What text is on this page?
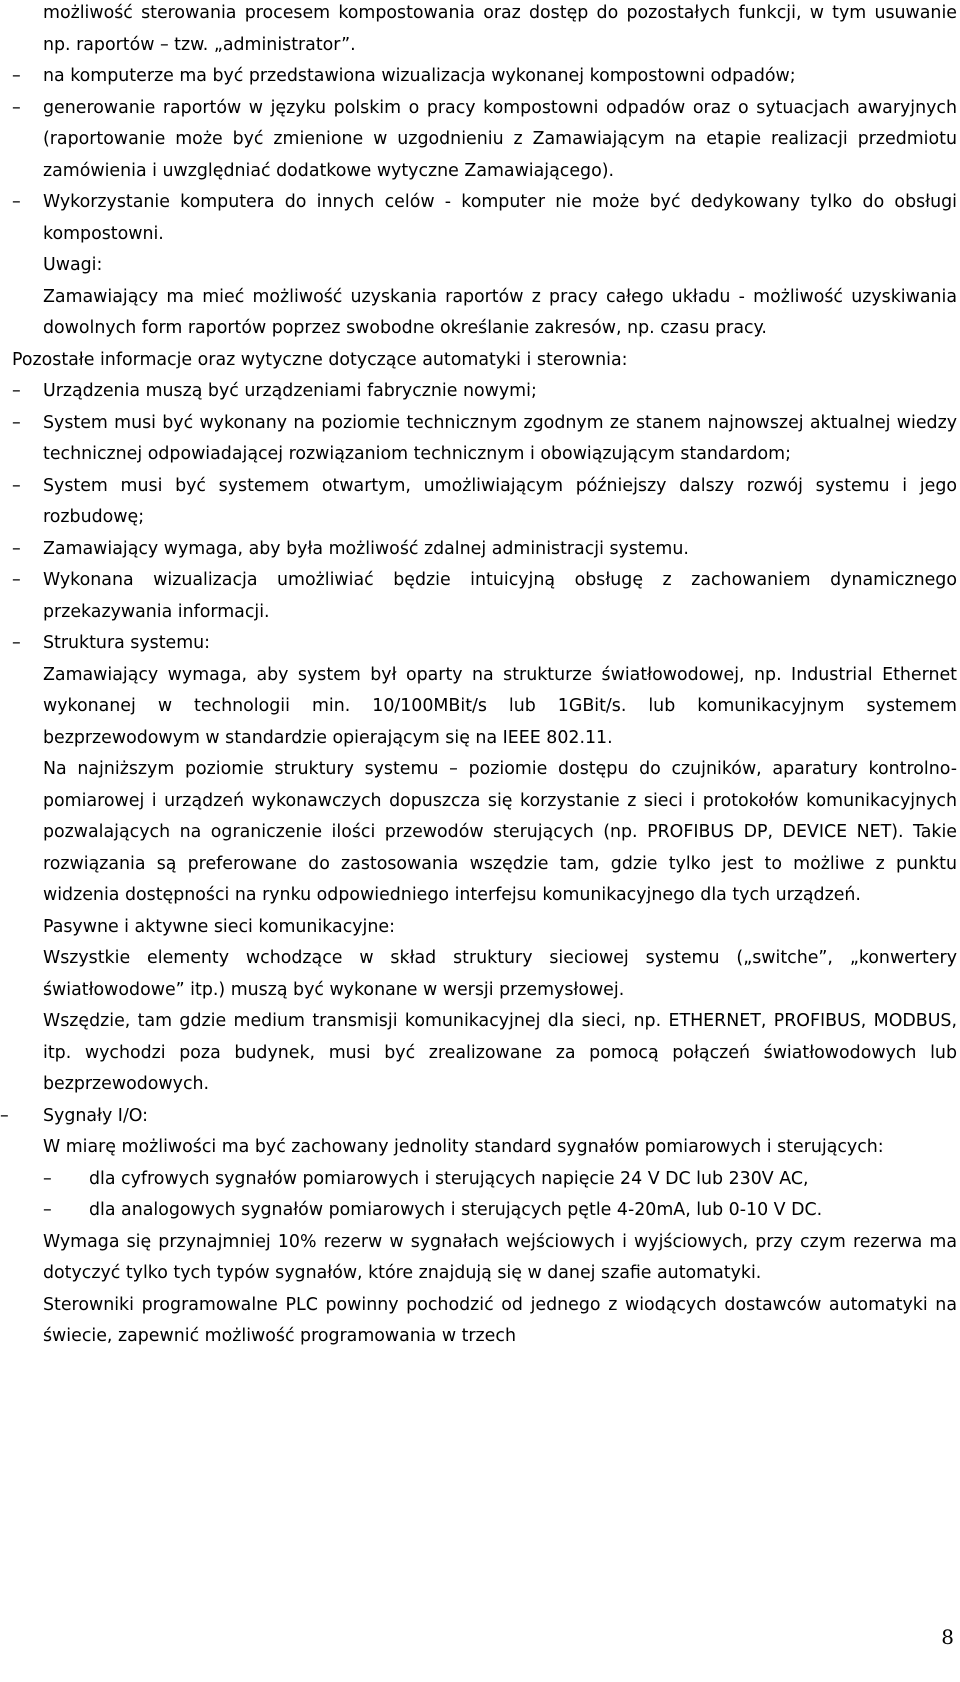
możliwość sterowania procesem kompostowania oraz dostęp do pozostałych funkcji, w tym usuwanie np. raportów – tzw. „administrator”.

– na komputerze ma być przedstawiona wizualizacja wykonanej kompostowni odpadów;

– generowanie raportów w języku polskim o pracy kompostowni odpadów oraz o sytuacjach awaryjnych (raportowanie może być zmienione w uzgodnieniu z Zamawiającym na etapie realizacji przedmiotu zamówienia i uwzględniać dodatkowe wytyczne Zamawiającego).

– Wykorzystanie komputera do innych celów - komputer nie może być dedykowany tylko do obsługi kompostowni.

Uwagi:

Zamawiający ma mieć możliwość uzyskania raportów z pracy całego układu - możliwość uzyskiwania dowolnych form raportów poprzez swobodne określanie zakresów, np. czasu pracy.

Pozostałe informacje oraz wytyczne dotyczące automatyki i sterownia:

– Urządzenia muszą być urządzeniami fabrycznie nowymi;

– System musi być wykonany na poziomie technicznym zgodnym ze stanem najnowszej aktualnej wiedzy technicznej odpowiadającej rozwiązaniom technicznym i obowiązującym standardom;

– System musi być systemem otwartym, umożliwiającym późniejszy dalszy rozwój systemu i jego rozbudowę;

– Zamawiający wymaga, aby była możliwość zdalnej administracji systemu.

– Wykonana wizualizacja umożliwiać będzie intuicyjną obsługę z zachowaniem dynamicznego przekazywania informacji.

– Struktura systemu:

Zamawiający wymaga, aby system był oparty na strukturze światłowodowej, np. Industrial Ethernet wykonanej w technologii min. 10/100MBit/s lub 1GBit/s. lub komunikacyjnym systemem bezprzewodowym w standardzie opierającym się na IEEE 802.11.

Na najniższym poziomie struktury systemu – poziomie dostępu do czujników, aparatury kontrolno-pomiarowej i urządzeń wykonawczych dopuszcza się korzystanie z sieci i protokołów komunikacyjnych pozwalających na ograniczenie ilości przewodów sterujących (np. PROFIBUS DP, DEVICE NET). Takie rozwiązania są preferowane do zastosowania wszędzie tam, gdzie tylko jest to możliwe z punktu widzenia dostępności na rynku odpowiedniego interfejsu komunikacyjnego dla tych urządzeń.

Pasywne i aktywne sieci komunikacyjne:

Wszystkie elementy wchodzące w skład struktury sieciowej systemu („switche”, „konwertery światłowodowe” itp.) muszą być wykonane w wersji przemysłowej.

Wszędzie, tam gdzie medium transmisji komunikacyjnej dla sieci, np. ETHERNET, PROFIBUS, MODBUS, itp. wychodzi poza budynek, musi być zrealizowane za pomocą połączeń światłowodowych lub bezprzewodowych.

– Sygnały I/O:

W miarę możliwości ma być zachowany jednolity standard sygnałów pomiarowych i sterujących:

– dla cyfrowych sygnałów pomiarowych i sterujących napięcie 24 V DC lub 230V AC,

– dla analogowych sygnałów pomiarowych i sterujących pętle 4-20mA, lub 0-10 V DC.

Wymaga się przynajmniej 10% rezerw w sygnałach wejściowych i wyjściowych, przy czym rezerwa ma dotyczyć tylko tych typów sygnałów, które znajdują się w danej szafie automatyki.

Sterowniki programowalne PLC powinny pochodzić od jednego z wiodących dostawców automatyki na świecie, zapewnić możliwość programowania w trzech

8
